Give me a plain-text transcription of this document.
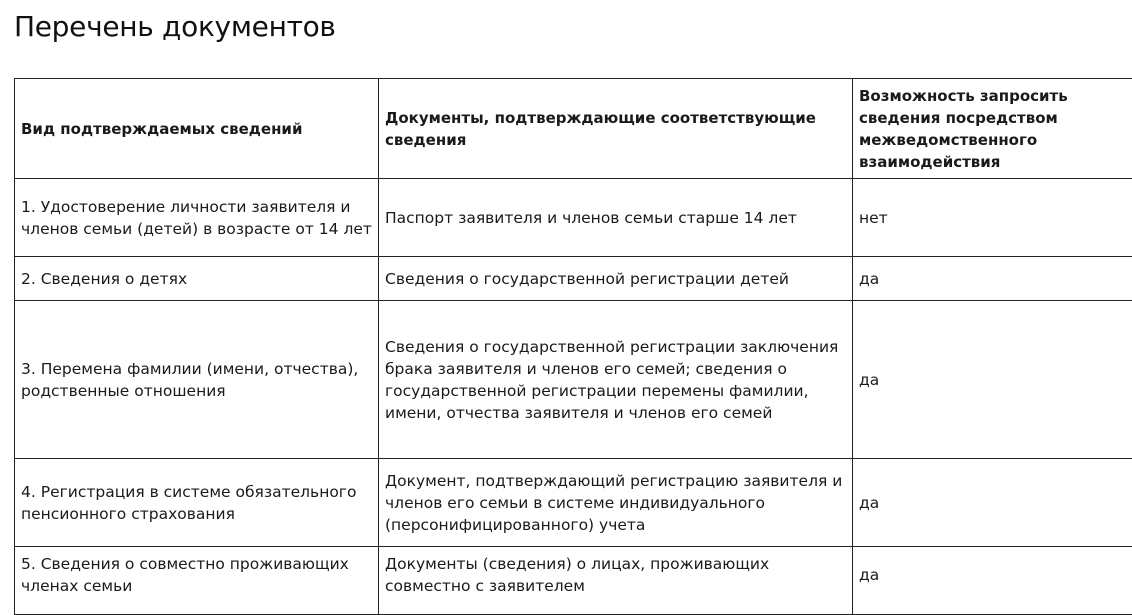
Перечень документов
Вид подтверждаемых сведений	Документы, подтверждающие соответствующие сведения	Возможность запросить сведения посредством межведомственного взаимодействия
1. Удостоверение личности заявителя и членов семьи (детей) в возрасте от 14 лет	Паспорт заявителя и членов семьи старше 14 лет	нет
2. Сведения о детях	Сведения о государственной регистрации детей	да
3. Перемена фамилии (имени, отчества), родственные отношения	Сведения о государственной регистрации заключения брака заявителя и членов его семей; сведения о государственной регистрации перемены фамилии, имени, отчества заявителя и членов его семей	да
4. Регистрация в системе обязательного пенсионного страхования	Документ, подтверждающий регистрацию заявителя и членов его семьи в системе индивидуального (персонифицированного) учета	да
5. Сведения о совместно проживающих членах семьи	Документы (сведения) о лицах, проживающих совместно с заявителем	да
